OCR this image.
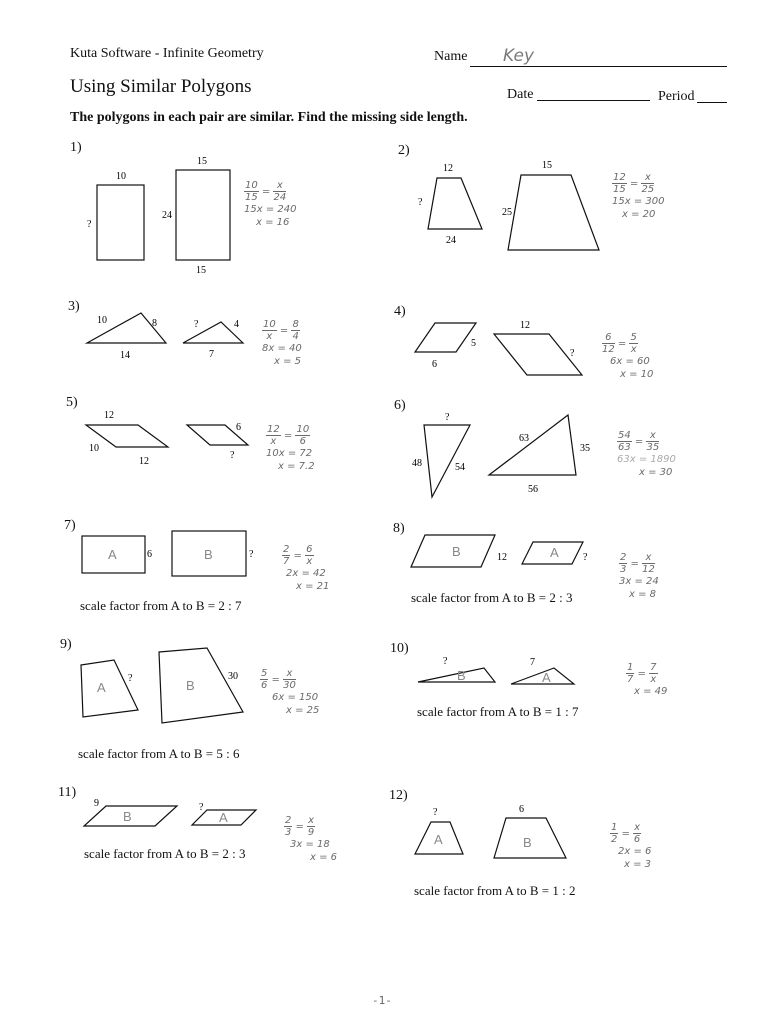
Kuta Software - Infinite Geometry
Using Similar Polygons
Name Key
Date	Period
The polygons in each pair are similar. Find the missing side length.
1)
10
?
15
24
15
$\frac{10}{15} = \frac{x}{24}$

15x = 240
x = 16
2)
12
?
24
15
25
$\frac{12}{15} = \frac{x}{25}$

15x = 300
x = 20
3)
10	8
14
?	4
7
$\frac{10}{x} = \frac{8}{4}$

8x = 40
x = 5
4)
5
6
12
?	$\frac{6}{12} = \frac{5}{x}$

6x = 60
x = 10
5)
12
10
12
6
?
$\frac{12}{x} = \frac{10}{6}$

10x = 72
x = 7.2
6)
?
48	54
63
35
56
$\frac{54}{63} = \frac{x}{35}$

63x = 1890
x = 30
7)
A	B
6	?
scale factor from A to B = 2 : 7
$\frac{2}{7} = \frac{6}{x}$

2x = 42
x = 21
8)
B	A
12	?
scale factor from A to B = 2 : 3
$\frac{2}{3} = \frac{x}{12}$

3x = 24
x = 8
9)
A	B
?	30
scale factor from A to B = 5 : 6
$\frac{5}{6} = \frac{x}{30}$

6x = 150
x = 25
10)
B	A
?	7
scale factor from A to B = 1 : 7
$\frac{1}{7} = \frac{7}{x}$

x = 49

11)
B	A
9	?
scale factor from A to B = 2 : 3
$\frac{2}{3} = \frac{x}{9}$

3x = 18
x = 6
12)
A	B
?	6
scale factor from A to B = 1 : 2
$\frac{1}{2} = \frac{x}{6}$

2x = 6
x = 3
-1-
